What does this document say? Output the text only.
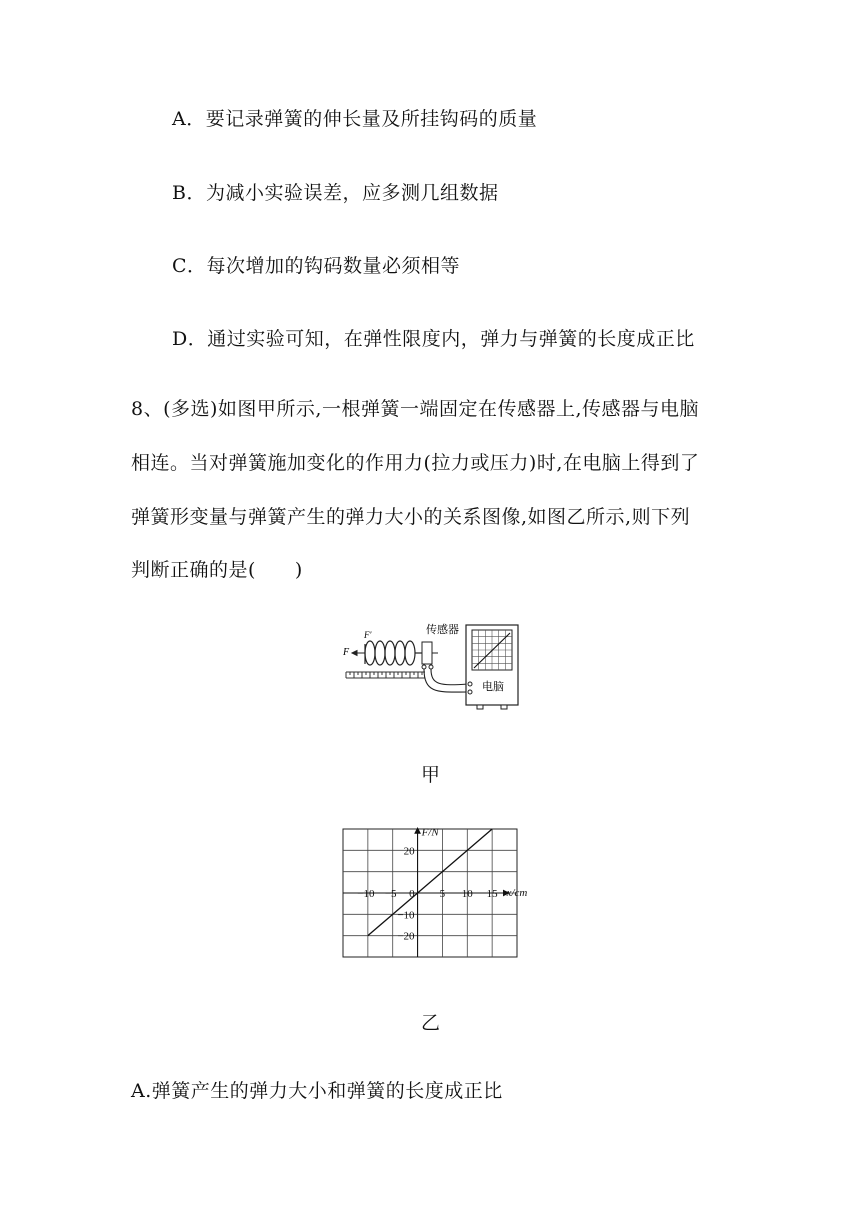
A．要记录弹簧的伸长量及所挂钩码的质量
B．为减小实验误差，应多测几组数据
C．每次增加的钩码数量必须相等
D．通过实验可知，在弹性限度内，弹力与弹簧的长度成正比
8、(多选)如图甲所示,一根弹簧一端固定在传感器上,传感器与电脑
相连。当对弹簧施加变化的作用力(拉力或压力)时,在电脑上得到了
弹簧形变量与弹簧产生的弹力大小的关系图像,如图乙所示,则下列
判断正确的是(　　)
F
F′	传感器
电脑
甲
−10 −5	5 10 15
20
0
−10
−20
x/cm
F/N
乙
A.弹簧产生的弹力大小和弹簧的长度成正比
